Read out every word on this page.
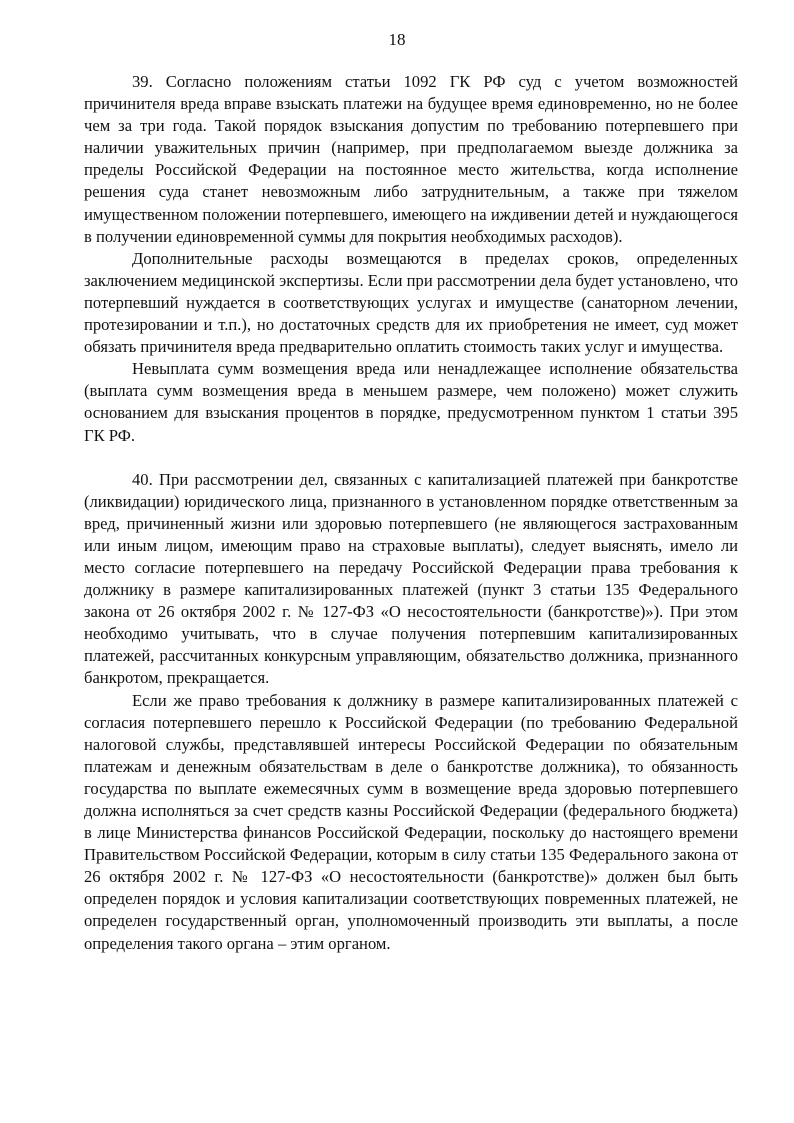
18

39. Согласно положениям статьи 1092 ГК РФ суд с учетом возможностей причинителя вреда вправе взыскать платежи на будущее время единовременно, но не более чем за три года. Такой порядок взыскания допустим по требованию потерпевшего при наличии уважительных причин (например, при предполагаемом выезде должника за пределы Российской Федерации на постоянное место жительства, когда исполнение решения суда станет невозможным либо затруднительным, а также при тяжелом имущественном положении потерпевшего, имеющего на иждивении детей и нуждающегося в получении единовременной суммы для покрытия необходимых расходов).

Дополнительные расходы возмещаются в пределах сроков, определенных заключением медицинской экспертизы. Если при рассмотрении дела будет установлено, что потерпевший нуждается в соответствующих услугах и имуществе (санаторном лечении, протезировании и т.п.), но достаточных средств для их приобретения не имеет, суд может обязать причинителя вреда предварительно оплатить стоимость таких услуг и имущества.

Невыплата сумм возмещения вреда или ненадлежащее исполнение обязательства (выплата сумм возмещения вреда в меньшем размере, чем положено) может служить основанием для взыскания процентов в порядке, предусмотренном пунктом 1 статьи 395 ГК РФ.

40. При рассмотрении дел, связанных с капитализацией платежей при банкротстве (ликвидации) юридического лица, признанного в установленном порядке ответственным за вред, причиненный жизни или здоровью потерпевшего (не являющегося застрахованным или иным лицом, имеющим право на страховые выплаты), следует выяснять, имело ли место согласие потерпевшего на передачу Российской Федерации права требования к должнику в размере капитализированных платежей (пункт 3 статьи 135 Федерального закона от 26 октября 2002 г. № 127-ФЗ «О несостоятельности (банкротстве)»). При этом необходимо учитывать, что в случае получения потерпевшим капитализированных платежей, рассчитанных конкурсным управляющим, обязательство должника, признанного банкротом, прекращается.

Если же право требования к должнику в размере капитализированных платежей с согласия потерпевшего перешло к Российской Федерации (по требованию Федеральной налоговой службы, представлявшей интересы Российской Федерации по обязательным платежам и денежным обязательствам в деле о банкротстве должника), то обязанность государства по выплате ежемесячных сумм в возмещение вреда здоровью потерпевшего должна исполняться за счет средств казны Российской Федерации (федерального бюджета) в лице Министерства финансов Российской Федерации, поскольку до настоящего времени Правительством Российской Федерации, которым в силу статьи 135 Федерального закона от 26 октября 2002 г. № 127-ФЗ «О несостоятельности (банкротстве)» должен был быть определен порядок и условия капитализации соответствующих повременных платежей, не определен государственный орган, уполномоченный производить эти выплаты, а после определения такого органа – этим органом.
